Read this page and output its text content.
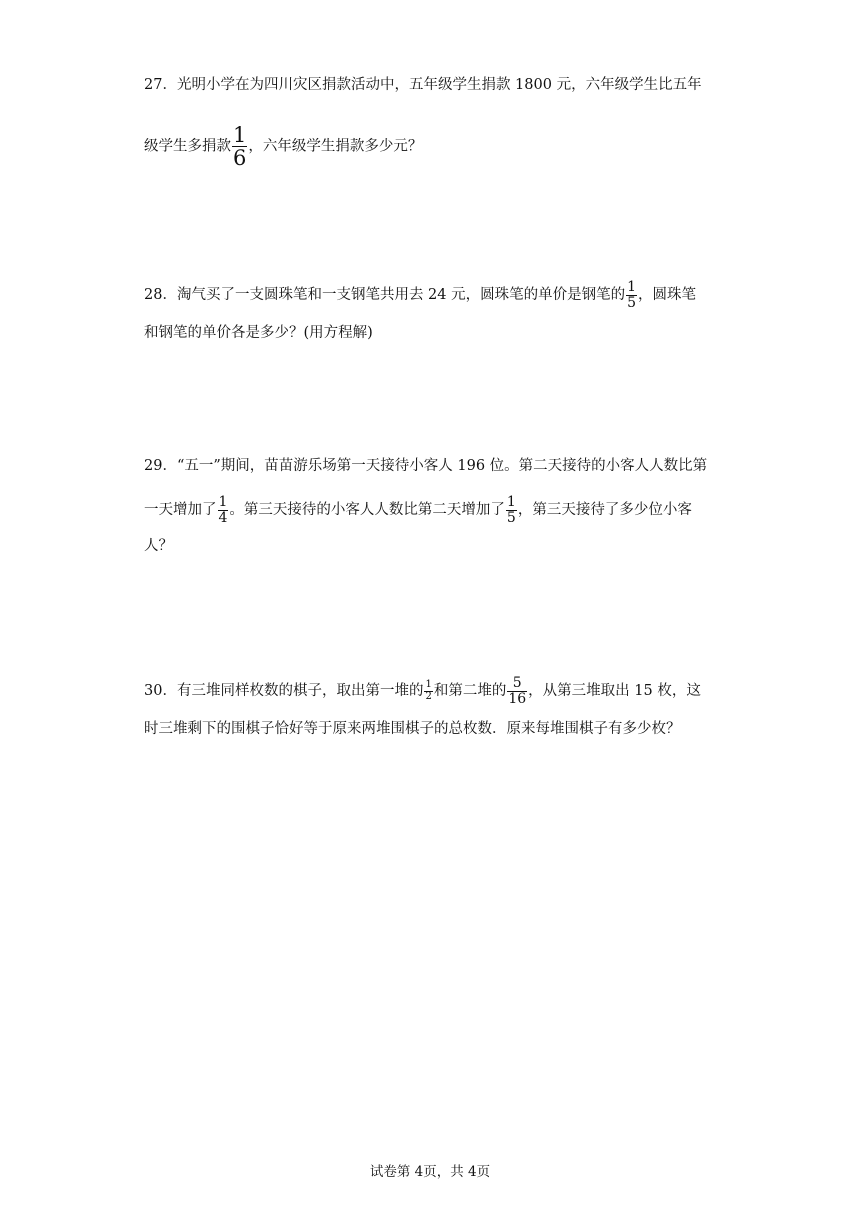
27．光明小学在为四川灾区捐款活动中，五年级学生捐款 1800 元，六年级学生比五年
级学生多捐款 $\frac{1}{6}$ ，六年级学生捐款多少元？
28．淘气买了一支圆珠笔和一支钢笔共用去 24 元，圆珠笔的单价是钢笔的 $\frac{1}{5}$ ，圆珠笔
和钢笔的单价各是多少？(用方程解)
29．“五一”期间，苗苗游乐场第一天接待小客人 196 位。第二天接待的小客人人数比第
一天增加了 $\frac{1}{4}$ 。第三天接待的小客人人数比第二天增加了 $\frac{1}{5}$ ，第三天接待了多少位小客
人？
30．有三堆同样枚数的棋子，取出第一堆的 $\frac{1}{2}$ 和第二堆的 $\frac{5}{16}$ ，从第三堆取出 15 枚，这
时三堆剩下的围棋子恰好等于原来两堆围棋子的总枚数．原来每堆围棋子有多少枚？
试卷第 4页，共 4页
